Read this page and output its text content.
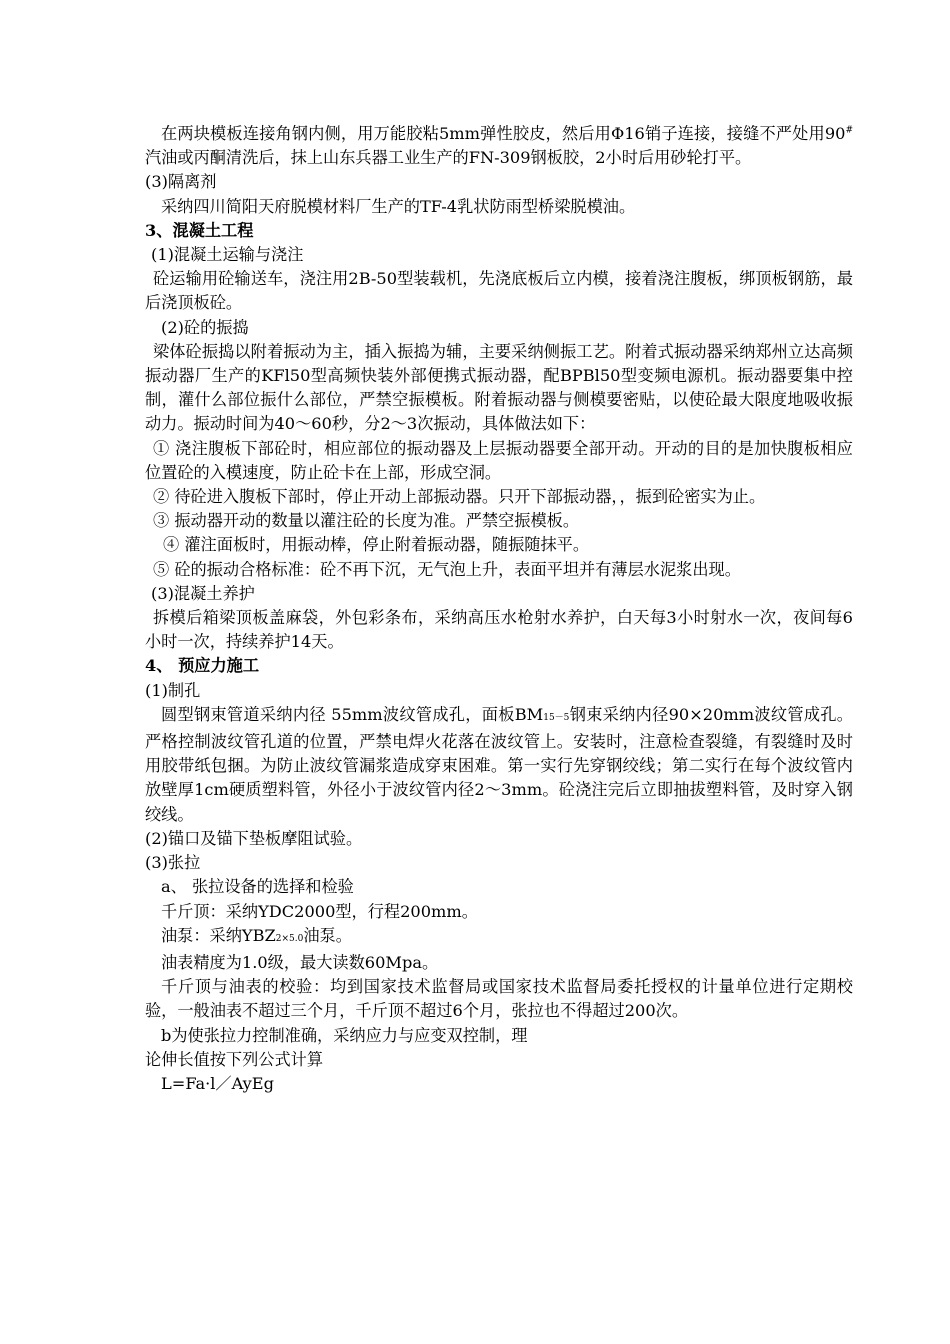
在两块模板连接角钢内侧，用万能胶粘5mm弹性胶皮，然后用Φ16销子连接，接缝不严处用90#汽油或丙酮清洗后，抹上山东兵器工业生产的FN-309钢板胶，2小时后用砂轮打平。

(3)隔离剂

采纳四川简阳天府脱模材料厂生产的TF-4乳状防雨型桥梁脱模油。

3、混凝土工程

(1)混凝土运输与浇注

砼运输用砼输送车，浇注用2B-50型装载机，先浇底板后立内模，接着浇注腹板，绑顶板钢筋，最后浇顶板砼。

(2)砼的振捣

梁体砼振捣以附着振动为主，插入振捣为辅，主要采纳侧振工艺。附着式振动器采纳郑州立达高频振动器厂生产的KFl50型高频快装外部便携式振动器，配BPBl50型变频电源机。振动器要集中控制，灌什么部位振什么部位，严禁空振模板。附着振动器与侧模要密贴，以使砼最大限度地吸收振动力。振动时间为40～60秒，分2～3次振动，具体做法如下：

① 浇注腹板下部砼时，相应部位的振动器及上层振动器要全部开动。开动的目的是加快腹板相应位置砼的入模速度，防止砼卡在上部，形成空洞。

② 待砼进入腹板下部时，停止开动上部振动器。只开下部振动器，，振到砼密实为止。

③ 振动器开动的数量以灌注砼的长度为准。严禁空振模板。

④ 灌注面板时，用振动棒，停止附着振动器，随振随抹平。

⑤ 砼的振动合格标准：砼不再下沉，无气泡上升，表面平坦并有薄层水泥浆出现。

(3)混凝土养护

拆模后箱梁顶板盖麻袋，外包彩条布，采纳高压水枪射水养护，白天每3小时射水一次，夜间每6小时一次，持续养护14天。

4、 预应力施工

(1)制孔

圆型钢束管道采纳内径 55mm波纹管成孔，面板BM15－5钢束采纳内径90×20mm波纹管成孔。严格控制波纹管孔道的位置，严禁电焊火花落在波纹管上。安装时，注意检查裂缝，有裂缝时及时用胶带纸包捆。为防止波纹管漏浆造成穿束困难。第一实行先穿钢绞线；第二实行在每个波纹管内放壁厚1cm硬质塑料管，外径小于波纹管内径2～3mm。砼浇注完后立即抽拔塑料管，及时穿入钢绞线。

(2)锚口及锚下垫板摩阻试验。

(3)张拉

a、 张拉设备的选择和检验

千斤顶：采纳YDC2000型，行程200mm。

油泵：采纳YBZ2×5.0油泵。

油表精度为1.0级，最大读数60Mpa。

千斤顶与油表的校验：均到国家技术监督局或国家技术监督局委托授权的计量单位进行定期校验，一般油表不超过三个月，千斤顶不超过6个月，张拉也不得超过200次。

b为使张拉力控制准确，采纳应力与应变双控制，理

论伸长值按下列公式计算

L=Fa·l／AyEg
